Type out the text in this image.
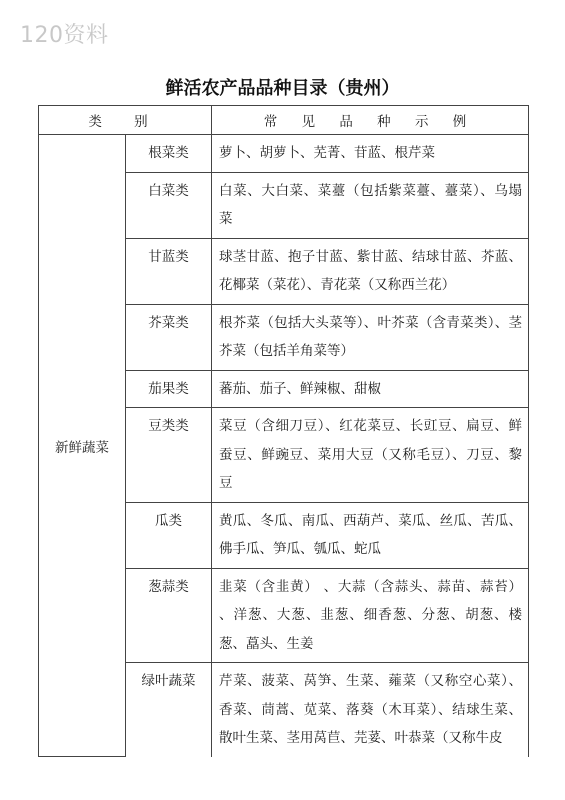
120资料
鲜活农产品品种目录（贵州）
类 别		常 见 品 种 示 例
新鲜蔬菜	根菜类	萝卜、胡萝卜、芜菁、苷蓝、根芹菜
	白菜类	白菜、大白菜、菜薹（包括紫菜薹、薹菜）、乌塌菜
	甘蓝类	球茎甘蓝、抱子甘蓝、紫甘蓝、结球甘蓝、芥蓝、花椰菜（菜花）、青花菜（又称西兰花）
	芥菜类	根芥菜（包括大头菜等）、叶芥菜（含青菜类）、茎芥菜（包括羊角菜等）
	茄果类	蕃茄、茄子、鲜辣椒、甜椒
	豆类类	菜豆（含细刀豆）、红花菜豆、长豇豆、扁豆、鲜蚕豆、鲜豌豆、菜用大豆（又称毛豆）、刀豆、黎豆
	瓜类	黄瓜、冬瓜、南瓜、西葫芦、菜瓜、丝瓜、苦瓜、佛手瓜、笋瓜、瓠瓜、蛇瓜
	葱蒜类	韭菜（含韭黄） 、大蒜（含蒜头、蒜苗、蒜苔） 、洋葱、大葱、韭葱、细香葱、分葱、胡葱、楼葱、藠头、生姜
	绿叶蔬菜	芹菜、菠菜、莴笋、生菜、蕹菜（又称空心菜）、香菜、茼蒿、苋菜、落葵（木耳菜）、结球生菜、散叶生菜、茎用莴苣、芫荽、叶恭菜（又称牛皮
